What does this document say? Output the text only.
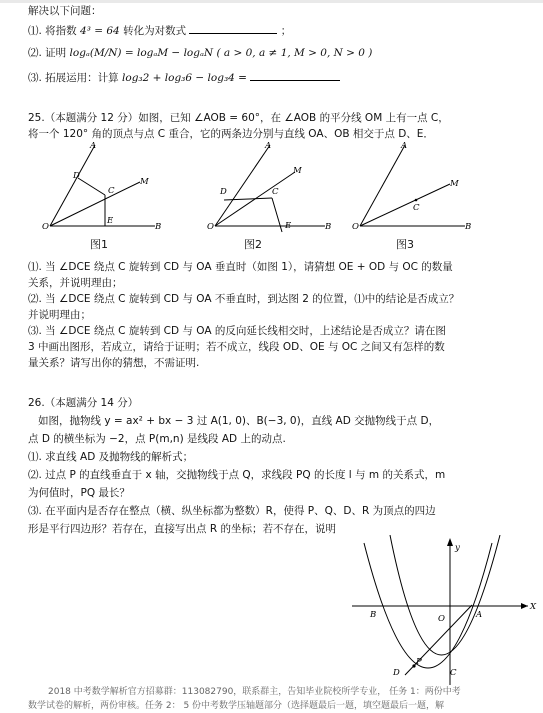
解决以下问题：
⑴. 将指数 4³ = 64 转化为对数式	；
⑵. 证明 logₐ(M/N) = logₐM − logₐN ( a > 0, a ≠ 1, M > 0, N > 0 )
⑶. 拓展运用：计算 log₃2 + log₃6 − log₃4 =
25.（本题满分 12 分）如图，已知 ∠AOB = 60°，在 ∠AOB 的平分线 OM 上有一点 C，
将一个 120° 角的顶点与点 C 重合，它的两条边分别与直线 OA、OB 相交于点 D、E．
A
D
C
M
O
E
B
A
D	C
M
O	E	B
A
C
M
O	B
图1	图2	图3
⑴. 当 ∠DCE 绕点 C 旋转到 CD 与 OA 垂直时（如图 1），请猜想 OE + OD 与 OC 的数量
关系，并说明理由；
⑵. 当 ∠DCE 绕点 C 旋转到 CD 与 OA 不垂直时，到达图 2 的位置，⑴中的结论是否成立？
并说明理由；
⑶. 当 ∠DCE 绕点 C 旋转到 CD 与 OA 的反向延长线相交时，上述结论是否成立？请在图
3 中画出图形，若成立，请给于证明；若不成立，线段 OD、OE 与 OC 之间又有怎样的数
量关系？请写出你的猜想，不需证明.
26.（本题满分 14 分）
如图，抛物线 y = ax² + bx − 3 过 A(1, 0)、B(−3, 0)，直线 AD 交抛物线于点 D，
点 D 的横坐标为 −2，点 P(m,n) 是线段 AD 上的动点.
⑴. 求直线 AD 及抛物线的解析式；
⑵. 过点 P 的直线垂直于 x 轴，交抛物线于点 Q，求线段 PQ 的长度 l 与 m 的关系式，m
为何值时，PQ 最长？
⑶. 在平面内是否存在整点（横、纵坐标都为整数）R，使得 P、Q、D、R 为顶点的四边
形是平行四边形？若存在，直接写出点 R 的坐标；若不存在，说明
y
X
B	O	A
P
D	C
2018 中考数学解析官方招募群：113082790，联系群主，告知毕业院校所学专业， 任务 1：两份中考
数学试卷的解析，两份审核。任务 2： 5 份中考数学压轴题部分（选择题最后一题，填空题最后一题，解
